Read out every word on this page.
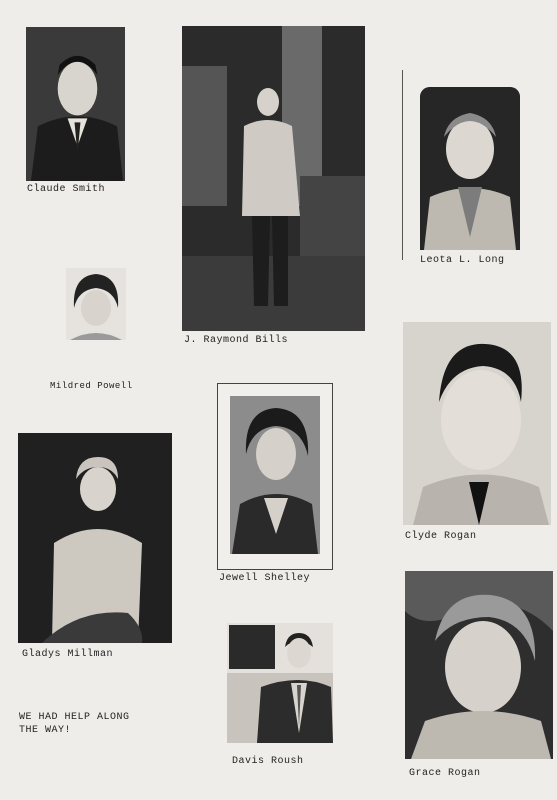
Claude Smith
J. Raymond Bills
Leota L. Long
Mildred Powell
Clyde Rogan
Jewell Shelley
Gladys Millman
Davis Roush
Grace Rogan
WE HAD HELP ALONG
THE WAY!
